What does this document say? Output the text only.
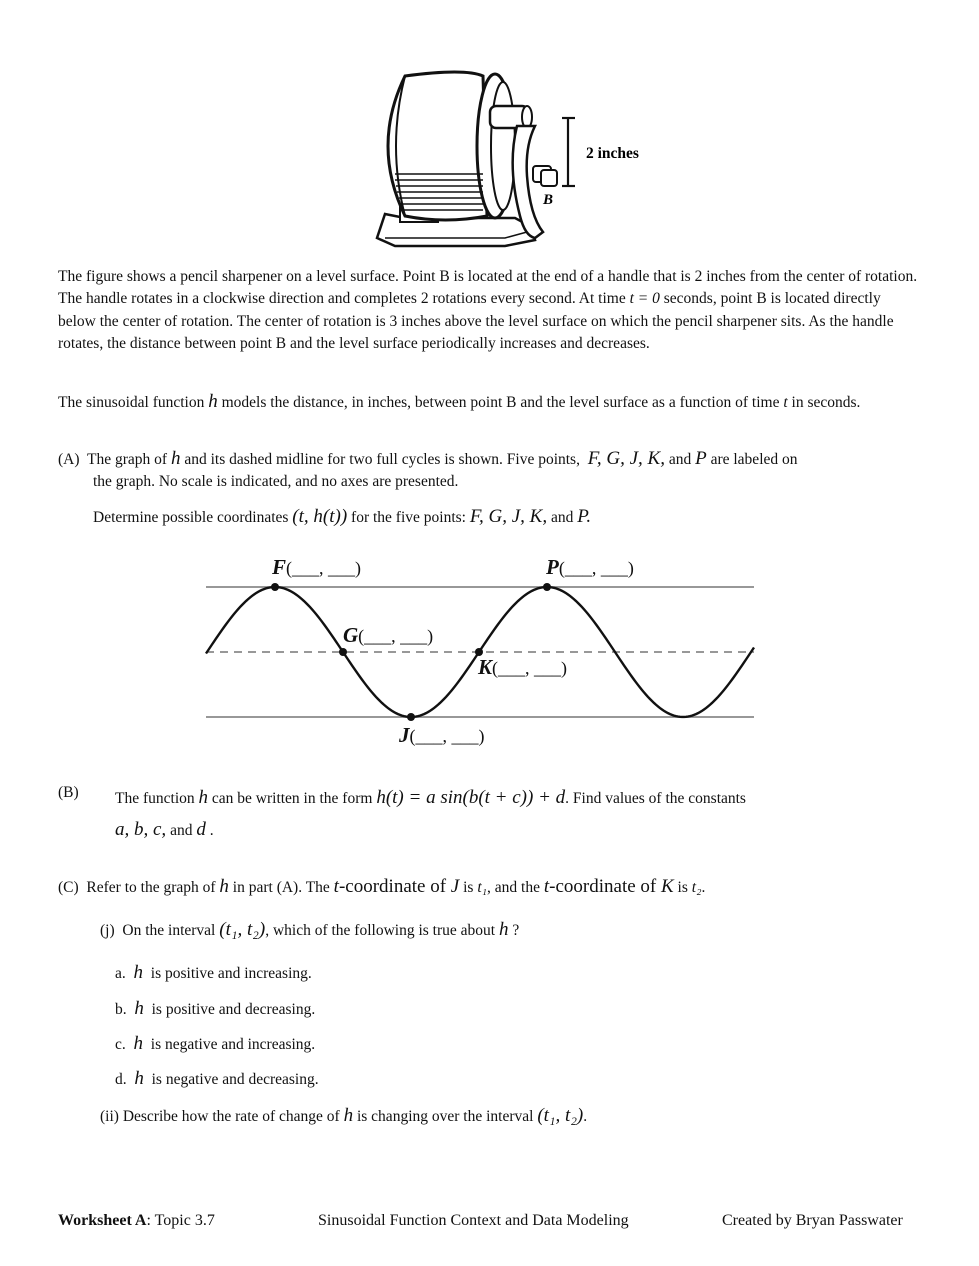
2 inches
B
The figure shows a pencil sharpener on a level surface. Point B is located at the end of a handle that is 2 inches from the center of rotation. The handle rotates in a clockwise direction and completes 2 rotations every second. At time t = 0 seconds, point B is located directly below the center of rotation. The center of rotation is 3 inches above the level surface on which the pencil sharpener sits. As the handle rotates, the distance between point B and the level surface periodically increases and decreases.
The sinusoidal function h models the distance, in inches, between point B and the level surface as a function of time t in seconds.
(A) The graph of h and its dashed midline for two full cycles is shown. Five points, F, G, J, K, and P are labeled on
the graph. No scale is indicated, and no axes are presented.
Determine possible coordinates (t, h(t)) for the five points: F, G, J, K, and P.
F(___, ___)	P(___, ___)
G(___, ___)
K(___, ___)
J(___, ___)
(B) The function h can be written in the form h(t) = a sin(b(t + c)) + d. Find values of the constants
a, b, c, and d .
(C) Refer to the graph of h in part (A). The t-coordinate of J is t₁, and the t-coordinate of K is t₂.
(j) On the interval (t₁, t₂), which of the following is true about h ?
a. h is positive and increasing.
b. h is positive and decreasing.
c. h is negative and increasing.
d. h is negative and decreasing.
(ii) Describe how the rate of change of h is changing over the interval (t₁, t₂).
Worksheet A: Topic 3.7	Sinusoidal Function Context and Data Modeling	Created by Bryan Passwater
